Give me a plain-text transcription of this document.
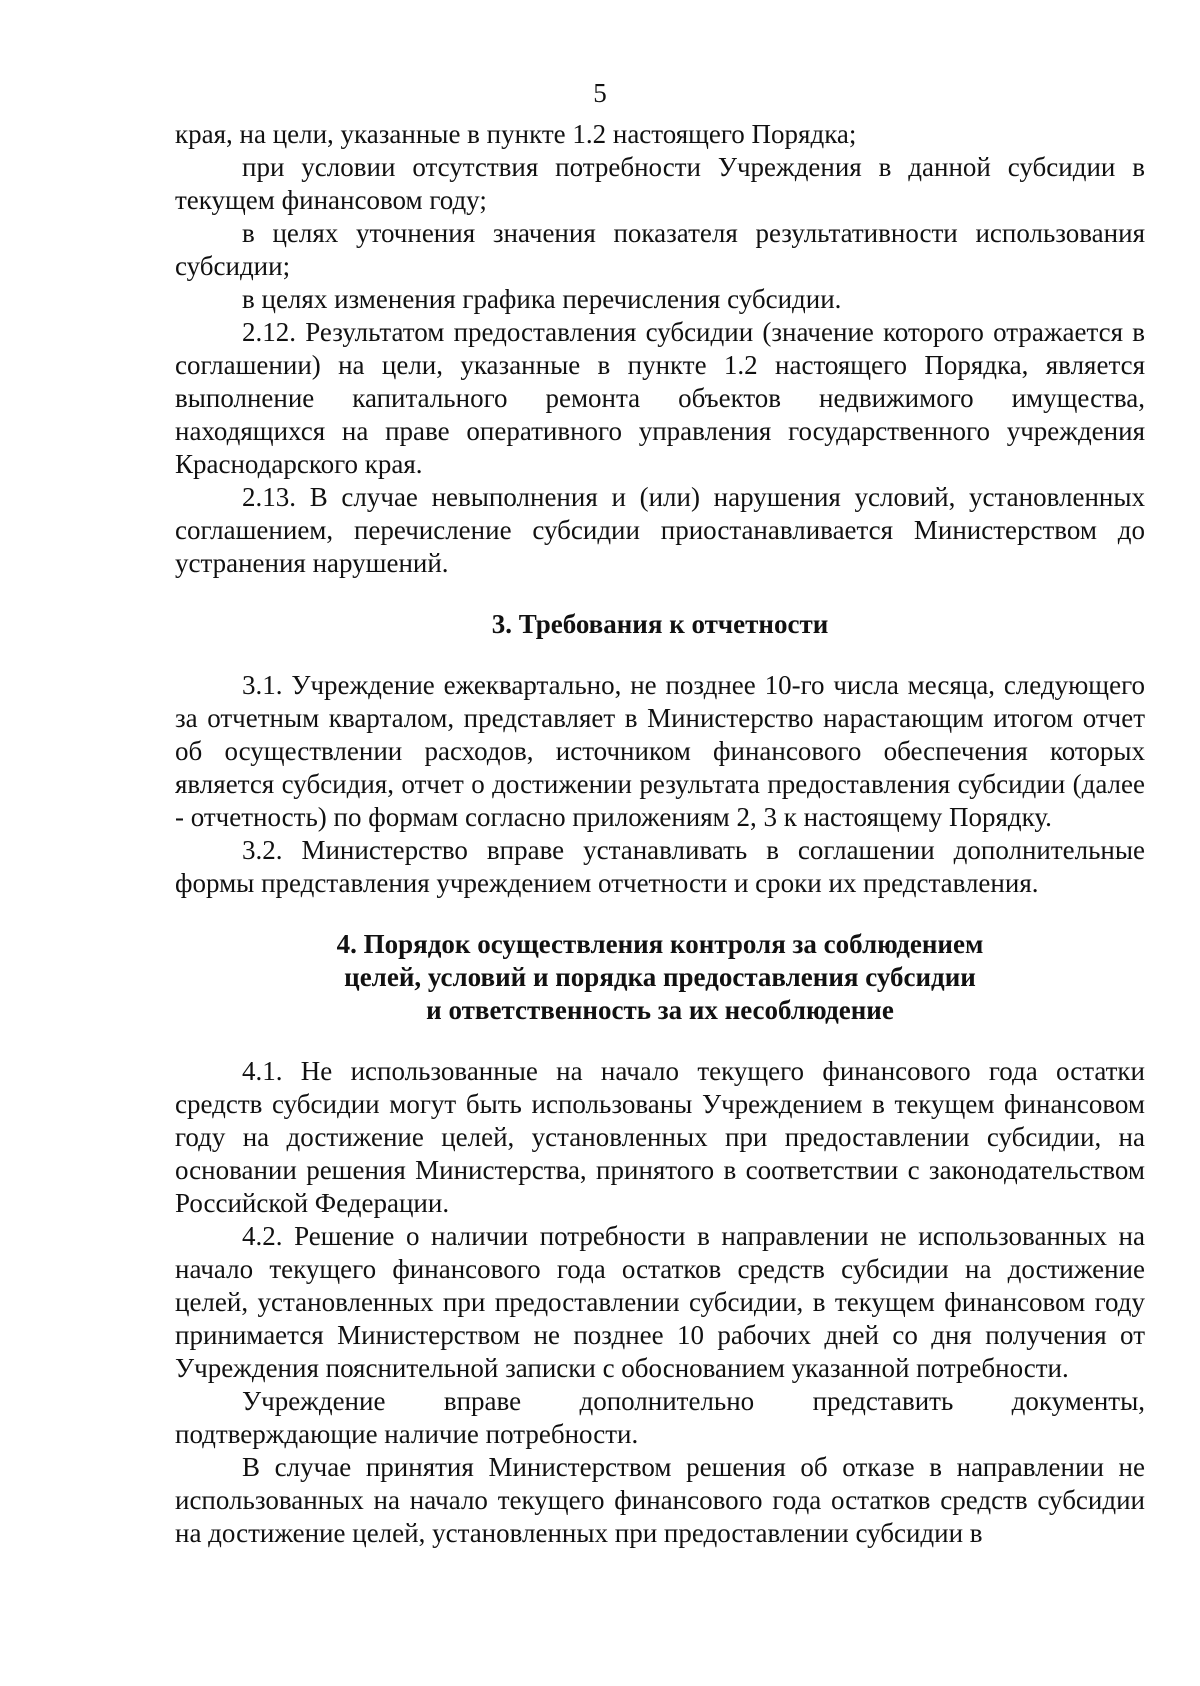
5

края, на цели, указанные в пункте 1.2 настоящего Порядка;

при условии отсутствия потребности Учреждения в данной субсидии в текущем финансовом году;

в целях уточнения значения показателя результативности использования субсидии;

в целях изменения графика перечисления субсидии.

2.12. Результатом предоставления субсидии (значение которого отражается в соглашении) на цели, указанные в пункте 1.2 настоящего Порядка, является выполнение капитального ремонта объектов недвижимого имущества, находящихся на праве оперативного управления государственного учреждения Краснодарского края.

2.13. В случае невыполнения и (или) нарушения условий, установленных соглашением, перечисление субсидии приостанавливается Министерством до устранения нарушений.

3. Требования к отчетности

3.1. Учреждение ежеквартально, не позднее 10-го числа месяца, следующего за отчетным кварталом, представляет в Министерство нарастающим итогом отчет об осуществлении расходов, источником финансового обеспечения которых является субсидия, отчет о достижении результата предоставления субсидии (далее - отчетность) по формам согласно приложениям 2, 3 к настоящему Порядку.

3.2. Министерство вправе устанавливать в соглашении дополнительные формы представления учреждением отчетности и сроки их представления.

4. Порядок осуществления контроля за соблюдением
целей, условий и порядка предоставления субсидии
и ответственность за их несоблюдение

4.1. Не использованные на начало текущего финансового года остатки средств субсидии могут быть использованы Учреждением в текущем финансовом году на достижение целей, установленных при предоставлении субсидии, на основании решения Министерства, принятого в соответствии с законодательством Российской Федерации.

4.2. Решение о наличии потребности в направлении не использованных на начало текущего финансового года остатков средств субсидии на достижение целей, установленных при предоставлении субсидии, в текущем финансовом году принимается Министерством не позднее 10 рабочих дней со дня получения от Учреждения пояснительной записки с обоснованием указанной потребности.

Учреждение вправе дополнительно представить документы, подтверждающие наличие потребности.

В случае принятия Министерством решения об отказе в направлении не использованных на начало текущего финансового года остатков средств субсидии на достижение целей, установленных при предоставлении субсидии в
